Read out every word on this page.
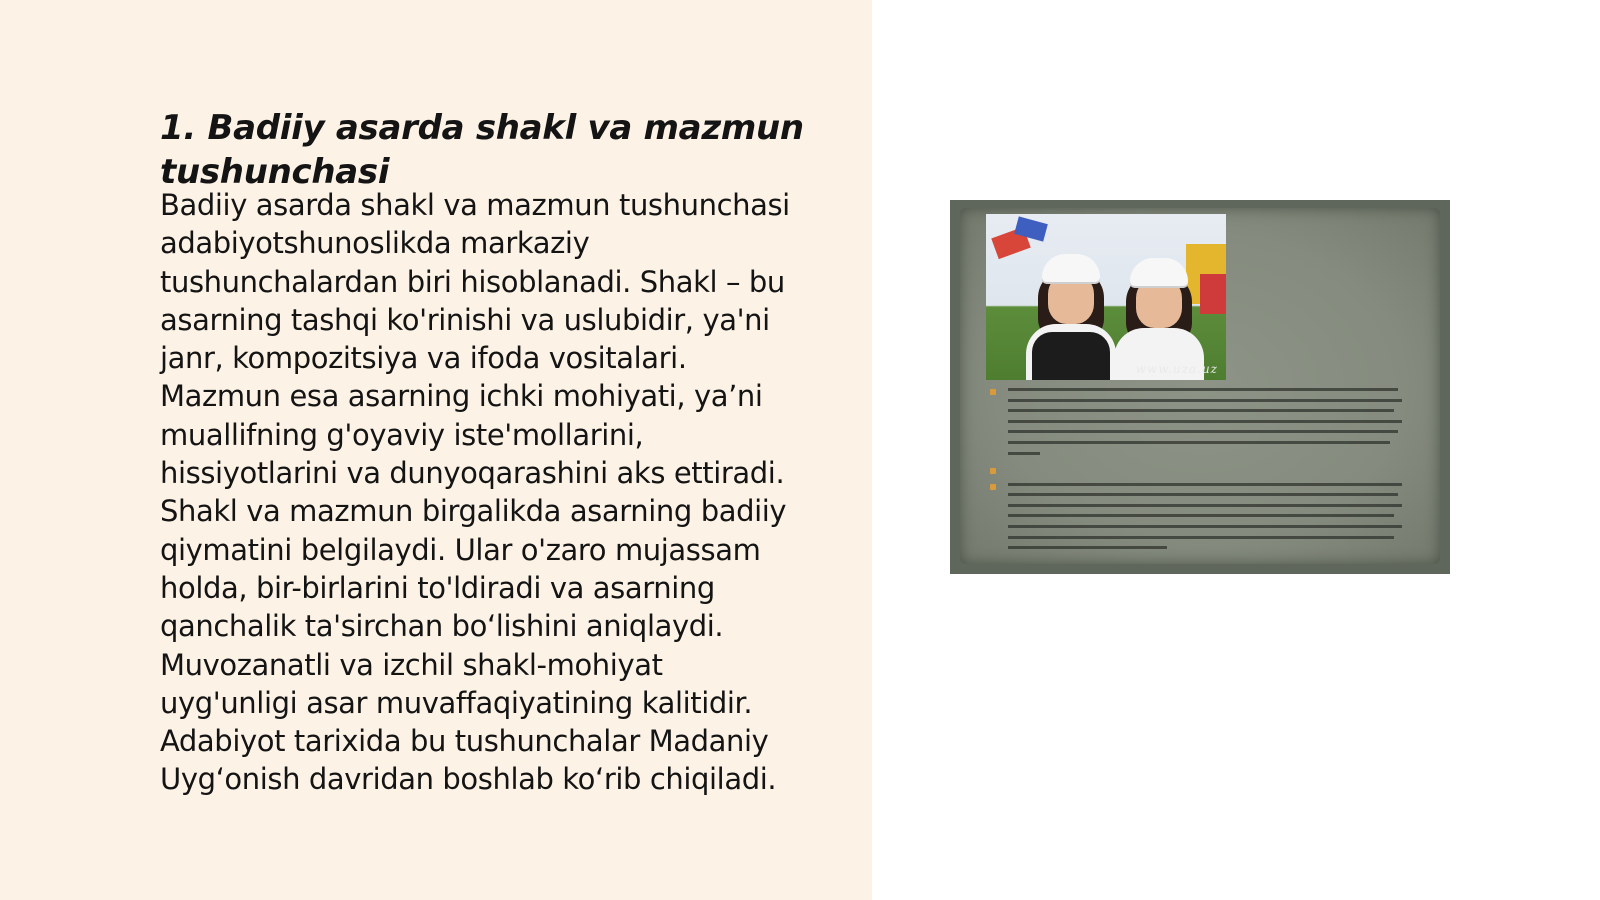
1. Badiiy asarda shakl va mazmun tushunchasi

Badiiy asarda shakl va mazmun tushunchasi
adabiyotshunoslikda markaziy
tushunchalardan biri hisoblanadi. Shakl – bu
asarning tashqi ko'rinishi va uslubidir, ya'ni
janr, kompozitsiya va ifoda vositalari.
Mazmun esa asarning ichki mohiyati, ya’ni
muallifning g'oyaviy iste'mollarini,
hissiyotlarini va dunyoqarashini aks ettiradi.
Shakl va mazmun birgalikda asarning badiiy
qiymatini belgilaydi. Ular o'zaro mujassam
holda, bir-birlarini to'ldiradi va asarning
qanchalik ta'sirchan bo‘lishini aniqlaydi.
Muvozanatli va izchil shakl-mohiyat
uyg'unligi asar muvaffaqiyatining kalitidir.
Adabiyot tarixida bu tushunchalar Madaniy
Uyg‘onish davridan boshlab ko‘rib chiqiladi.

www.uza.uz
